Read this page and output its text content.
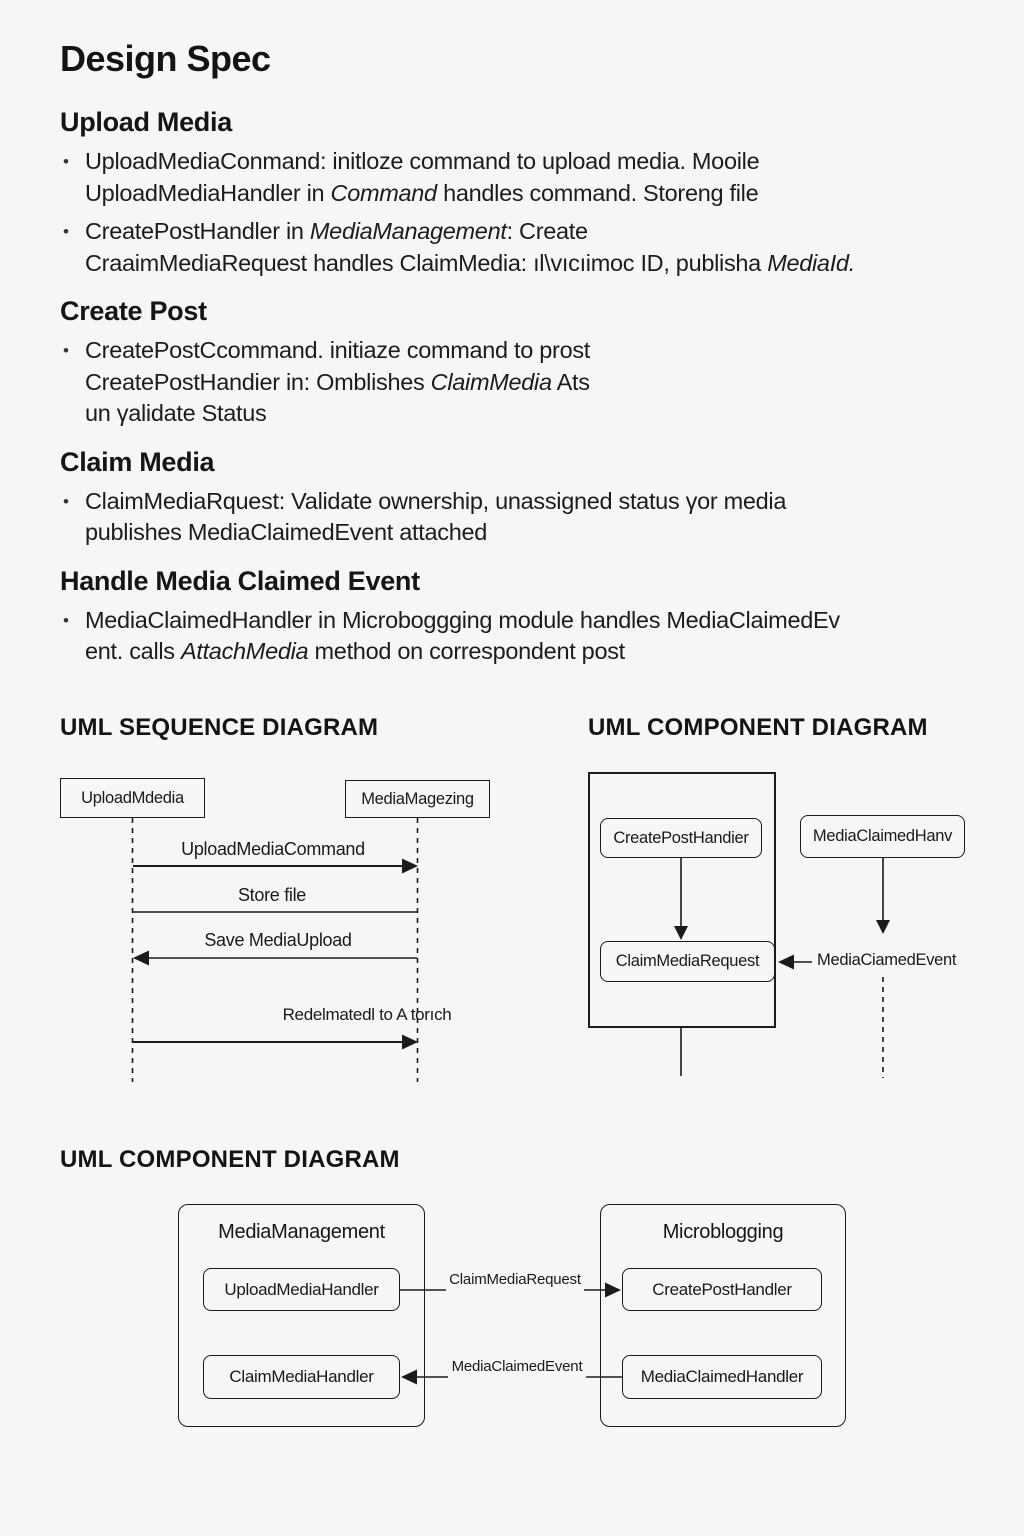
Design Spec
Upload Media
• UploadMediaConmand: initloze command to upload media. Mooile
UploadMediaHandler in Command handles command. Storeng file
• CreatePostHandler in MediaManagement: Create
CraaimMediaRequest handles ClaimMedia: ıl\vıcıimoc ID, publisha MediaId.
Create Post
• CreatePostCcommand. initiaze command to prost
CreatePostHandier in: Omblishes ClaimMedia Ats
un γalidate Status
Claim Media
• ClaimMediaRquest: Validate ownership, unassigned status γor media
publishes MediaClaimedEvent attached
Handle Media Claimed Event
• MediaClaimedHandler in Microboggging module handles MediaClaimedEv
ent. calls AttachMedia method on correspondent post
UML SEQUENCE DIAGRAM	UML COMPONENT DIAGRAM
UML COMPONENT DIAGRAM
UploadMdedia	MediaMagezing
UploadMediaCommand
Store file
Save MediaUpload
Redelmatedl to A torıch
CreatePostHandier
ClaimMediaRequest
MediaClaimedHanv
MediaCiamedEvent
MediaManagement	Microblogging
UploadMediaHandler
ClaimMediaHandler
CreatePostHandler
MediaClaimedHandler
ClaimMediaRequest
MediaClaimedEvent
